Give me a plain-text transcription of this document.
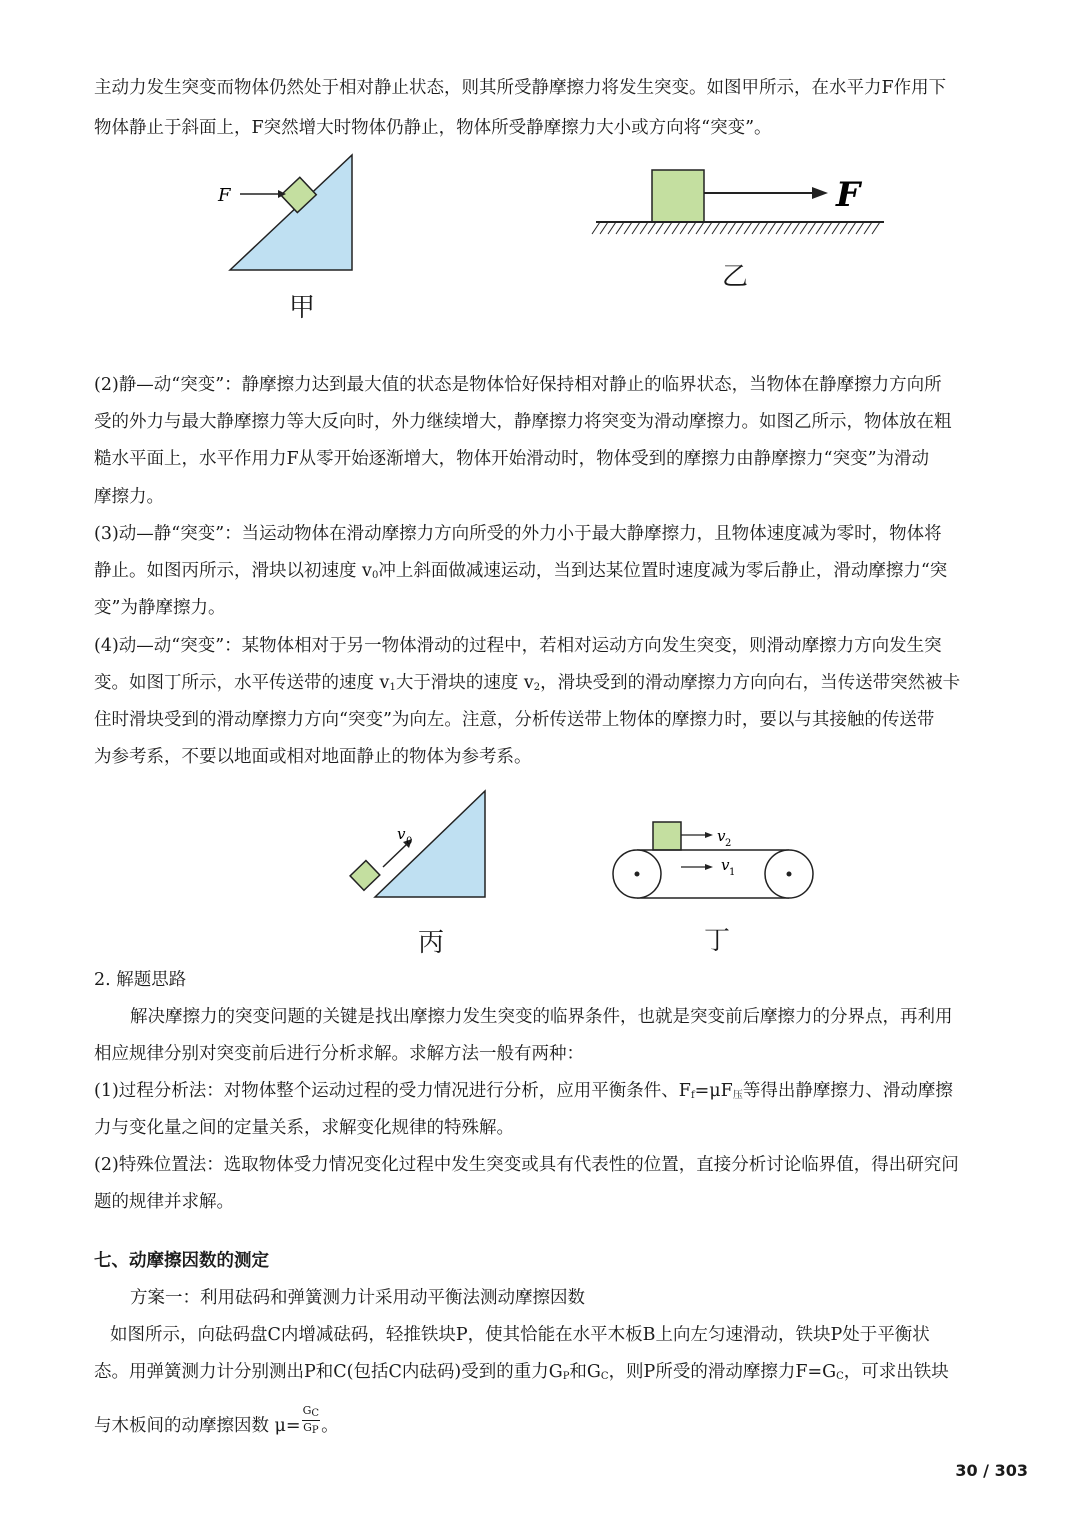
主动力发生突变而物体仍然处于相对静止状态，则其所受静摩擦力将发生突变。如图甲所示，在水平力F作用下
物体静止于斜面上，F突然增大时物体仍静止，物体所受静摩擦力大小或方向将“突变”。
F
甲
F
乙
(2)静—动“突变”：静摩擦力达到最大值的状态是物体恰好保持相对静止的临界状态，当物体在静摩擦力方向所
受的外力与最大静摩擦力等大反向时，外力继续增大，静摩擦力将突变为滑动摩擦力。如图乙所示，物体放在粗
糙水平面上，水平作用力F从零开始逐渐增大，物体开始滑动时，物体受到的摩擦力由静摩擦力“突变”为滑动
摩擦力。
(3)动—静“突变”：当运动物体在滑动摩擦力方向所受的外力小于最大静摩擦力，且物体速度减为零时，物体将
静止。如图丙所示，滑块以初速度 $v_0$冲上斜面做减速运动，当到达某位置时速度减为零后静止，滑动摩擦力“突
变”为静摩擦力。
(4)动—动“突变”：某物体相对于另一物体滑动的过程中，若相对运动方向发生突变，则滑动摩擦力方向发生突
变。如图丁所示，水平传送带的速度 $v_1$大于滑块的速度 $v_2$，滑块受到的滑动摩擦力方向向右，当传送带突然被卡
住时滑块受到的滑动摩擦力方向“突变”为向左。注意，分析传送带上物体的摩擦力时，要以与其接触的传送带
为参考系，不要以地面或相对地面静止的物体为参考系。
v 0
丙
v 2
v 1
丁
2. 解题思路
解决摩擦力的突变问题的关键是找出摩擦力发生突变的临界条件，也就是突变前后摩擦力的分界点，再利用
相应规律分别对突变前后进行分析求解。求解方法一般有两种：
(1)过程分析法：对物体整个运动过程的受力情况进行分析，应用平衡条件、$F_f=\mu F_压$等得出静摩擦力、滑动摩擦
力与变化量之间的定量关系，求解变化规律的特殊解。
(2)特殊位置法：选取物体受力情况变化过程中发生突变或具有代表性的位置，直接分析讨论临界值，得出研究问
题的规律并求解。
七、动摩擦因数的测定
方案一：利用砝码和弹簧测力计采用动平衡法测动摩擦因数
如图所示，向砝码盘C内增减砝码，轻推铁块P，使其恰能在水平木板B上向左匀速滑动，铁块P处于平衡状
态。用弹簧测力计分别测出P和C(包括C内砝码)受到的重力$G_P$和$G_C$，则P所受的滑动摩擦力$F=G_C$，可求出铁块
与木板间的动摩擦因数 $\mu= \frac{G_C}{G_P}$ 。
30 / 303
